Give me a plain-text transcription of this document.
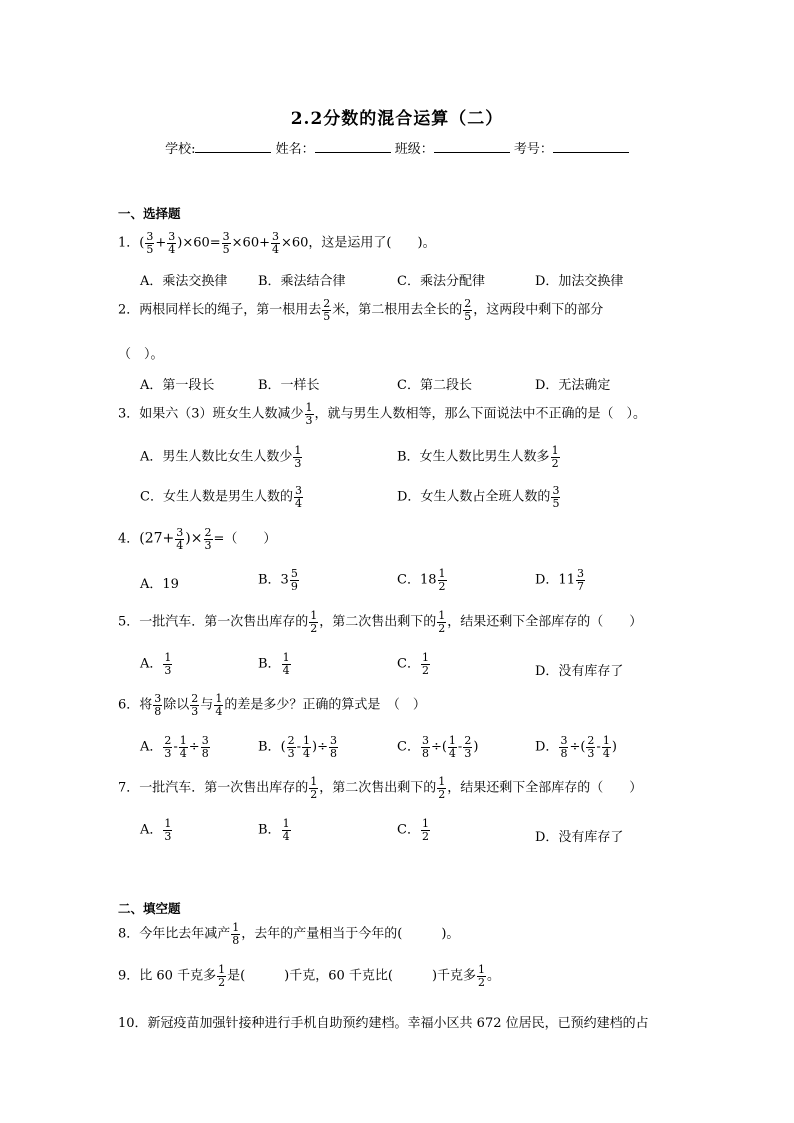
2.2分数的混合运算（二）
学校:	姓名：	班级：	考号：
一、选择题
1．( $\frac{3}{5} + \frac{3}{4} )\times 60= \frac{3}{5} \times 60+ \frac{3}{4} \times 60$，这是运用了(　　)。
A．乘法交换律 B．乘法结合律	C．乘法分配律	D．加法交换律
2．两根同样长的绳子，第一根用去 $\frac{2}{5}$ 米，第二根用去全长的 $\frac{2}{5}$ ，这两段中剩下的部分
（　）。
A．第一段长	B．一样长	C．第二段长	D．无法确定
3．如果六（3）班女生人数减少 $\frac{1}{3}$ ，就与男生人数相等，那么下面说法中不正确的是（　）。
A．男生人数比女生人数少 $\frac{1}{3}$	B．女生人数比男生人数多 $\frac{1}{2}$
C．女生人数是男生人数的 $\frac{3}{4}$	D．女生人数占全班人数的 $\frac{3}{5}$
4．($27+ \frac{3}{4}$ )× $\frac{2}{3}$ =（　　）
A．19	B．$3 \frac{5}{9}$	C．$18 \frac{1}{2}$	D．$11 \frac{3}{7}$
5．一批汽车．第一次售出库存的 $\frac{1}{2}$ ，第二次售出剩下的 $\frac{1}{2}$ ，结果还剩下全部库存的（　　）
A． $\frac{1}{3}$	B． $\frac{1}{4}$	C． $\frac{1}{2}$	D．没有库存了
6．将 $\frac{3}{8}$ 除以 $\frac{2}{3}$ 与 $\frac{1}{4}$ 的差是多少？正确的算式是　（　）
A． $\frac{2}{3} - \frac{1}{4} \div \frac{3}{8}$	B．( $\frac{2}{3} - \frac{1}{4}$ )÷ $\frac{3}{8}$	C． $\frac{3}{8}$ ÷( $\frac{1}{4} - \frac{2}{3}$ )	D． $\frac{3}{8}$ ÷( $\frac{2}{3} - \frac{1}{4}$ )
7．一批汽车．第一次售出库存的 $\frac{1}{2}$ ，第二次售出剩下的 $\frac{1}{2}$ ，结果还剩下全部库存的（　　）
A． $\frac{1}{3}$	B． $\frac{1}{4}$	C． $\frac{1}{2}$	D．没有库存了
二、填空题
8．今年比去年减产 $\frac{1}{8}$ ，去年的产量相当于今年的(　　　)。
9．比 60 千克多 $\frac{1}{2}$ 是(　　　)千克，60 千克比(　　　)千克多 $\frac{1}{2}$ 。
10．新冠疫苗加强针接种进行手机自助预约建档。幸福小区共 672 位居民，已预约建档的占
